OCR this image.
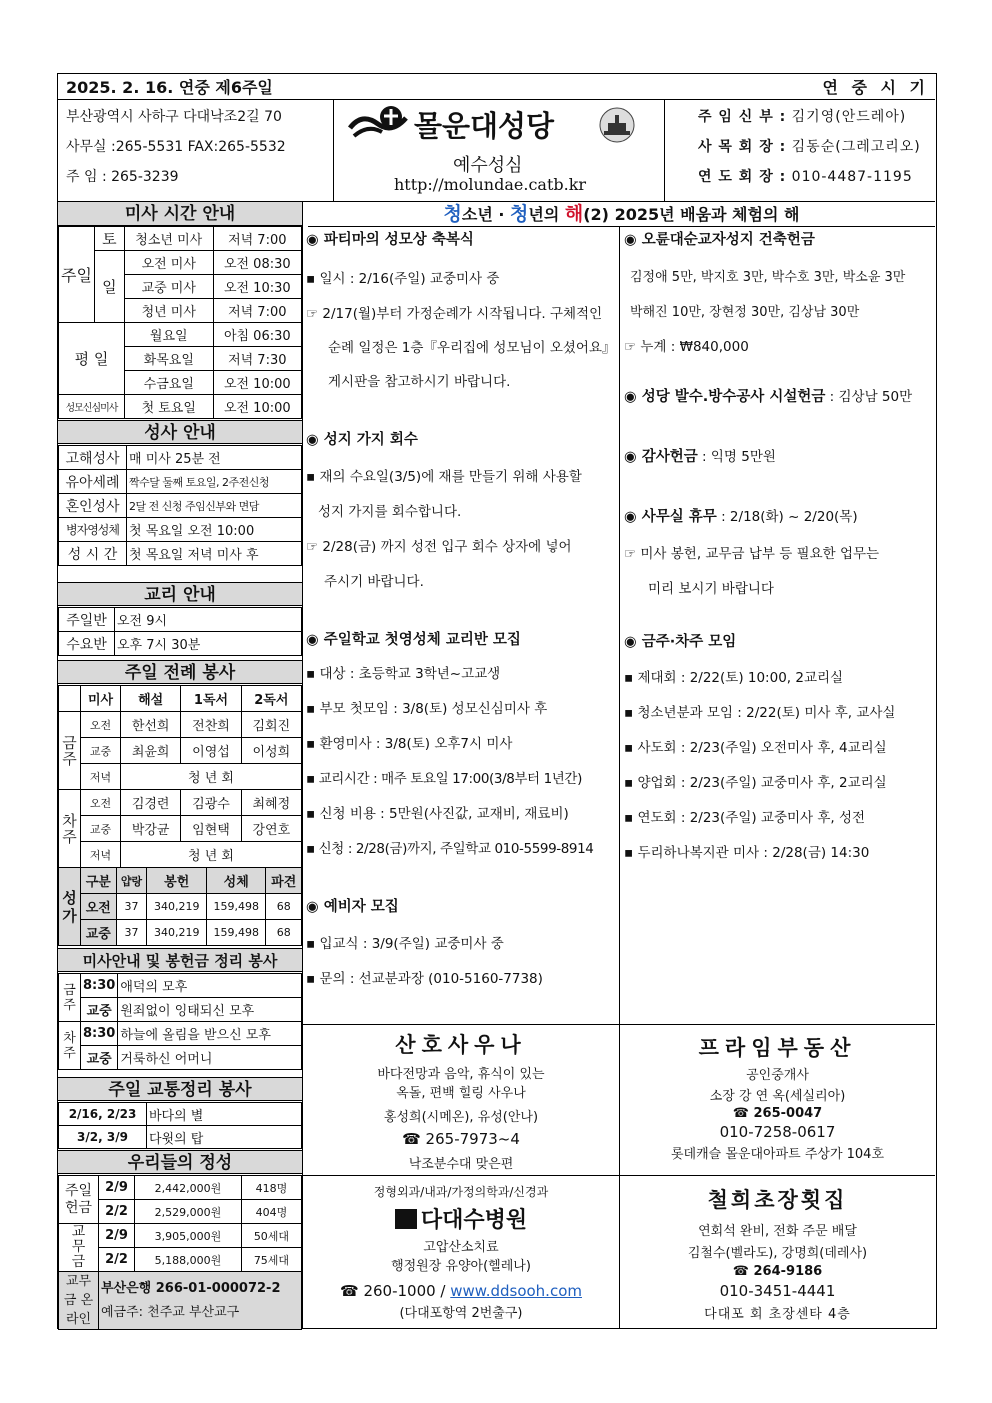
2025. 2. 16. 연중 제6주일	연 중 시 기
부산광역시 사하구 다대낙조2길 70
사무실 :265-5531 FAX:265-5532
주 임 : 265-3239
몰운대성당
예수성심
http://molundae.catb.kr
주 임 신 부 : 김기영(안드레아)
사 목 회 장 : 김동순(그레고리오)
연 도 회 장 : 010-4487-1195
청소년 · 청년의 해(2) 2025년 배움과 체험의 해
미사 시간 안내
주일	토	청소년 미사	저녁 7:00
	일	오전 미사	오전 08:30
		교중 미사	오전 10:30
		청년 미사	저녁 7:00
평 일		월요일	아침 06:30
		화목요일	저녁 7:30
		수금요일	오전 10:00
성모신심미사		첫 토요일	오전 10:00
성사 안내
고해성사	매 미사 25분 전
유아세례	짝수달 둘째 토요일, 2주전신청
혼인성사	2달 전 신청 주임신부와 면담
병자영성체	첫 목요일 오전 10:00
성 시 간	첫 목요일 저녁 미사 후
교리 안내
주일반	오전 9시
수요반	오후 7시 30분
주일 전례 봉사
	미사	해설	1독서	2독서
금주	오전	한선희	전찬희	김회진
	교중	최윤희	이영섭	이성희
	저녁	청 년 회		
차주	오전	김경련	김광수	최혜정
	교중	박강균	임현택	강연호
	저녁	청 년 회		
성가	구분	얍랑	봉헌	성체	파견
	오전	37	340,219	159,498	68
	교중	37	340,219	159,498	68
미사안내 및 봉헌금 정리 봉사
금주	8:30	애덕의 모후
	교중	원죄없이 잉태되신 모후
차주	8:30	하늘에 올림을 받으신 모후
	교중	거룩하신 어머니
주일 교통정리 봉사
2/16, 2/23	바다의 별
3/2, 3/9	다윗의 탑
우리들의 정성
주일헌금	2/9	2,442,000원	418명
	2/2	2,529,000원	404명
교무금	2/9	3,905,000원	50세대
	2/2	5,188,000원	75세대
교무금 온라인	부산은행 266-01-000072-2
예금주: 천주교 부산교구		
◉ 파티마의 성모상 축복식
▪ 일시 : 2/16(주일) 교중미사 중
☞ 2/17(월)부터 가정순례가 시작됩니다. 구체적인
순례 일정은 1층『우리집에 성모님이 오셨어요』
게시판을 참고하시기 바랍니다.
◉ 성지 가지 회수
▪ 재의 수요일(3/5)에 재를 만들기 위해 사용할
성지 가지를 회수합니다.
☞ 2/28(금) 까지 성전 입구 회수 상자에 넣어
주시기 바랍니다.
◉ 주일학교 첫영성체 교리반 모집
▪ 대상 : 초등학교 3학년~고교생
▪ 부모 첫모임 : 3/8(토) 성모신심미사 후
▪ 환영미사 : 3/8(토) 오후7시 미사
▪ 교리시간 : 매주 토요일 17:00(3/8부터 1년간)
▪ 신청 비용 : 5만원(사진값, 교재비, 재료비)
▪ 신청 : 2/28(금)까지, 주일학교 010-5599-8914
◉ 예비자 모집
▪ 입교식 : 3/9(주일) 교중미사 중
▪ 문의 : 선교분과장 (010-5160-7738)
◉ 오륜대순교자성지 건축헌금
김정애 5만, 박지호 3만, 박수호 3만, 박소윤 3만
박해진 10만, 장현정 30만, 김상남 30만
☞ 누계 : ₩840,000
◉ 성당 발수.방수공사 시설헌금 : 김상남 50만
◉ 감사헌금 : 익명 5만원
◉ 사무실 휴무 : 2/18(화) ~ 2/20(목)
☞ 미사 봉헌, 교무금 납부 등 필요한 업무는
미리 보시기 바랍니다
◉ 금주·차주 모임
▪ 제대회 : 2/22(토) 10:00, 2교리실
▪ 청소년분과 모임 : 2/22(토) 미사 후, 교사실
▪ 사도회 : 2/23(주일) 오전미사 후, 4교리실
▪ 양업회 : 2/23(주일) 교중미사 후, 2교리실
▪ 연도회 : 2/23(주일) 교중미사 후, 성전
▪ 두리하나복지관 미사 : 2/28(금) 14:30
산호사우나
바다전망과 음악, 휴식이 있는
옥돌, 편백 힐링 사우나
홍성희(시메온), 유성(안나)
☎ 265-7973~4
낙조분수대 맞은편
프라임부동산
공인중개사
소장 강 연 옥(세실리아)
☎ 265-0047
010-7258-0617
롯데캐슬 몰운대아파트 주상가 104호
정형외과/내과/가정의학과/신경과
다대수병원
고압산소치료
행정원장 유양아(헬레나)
☎ 260-1000 / www.ddsooh.com
(다대포항역 2번출구)
철희초장횟집
연회석 완비, 전화 주문 배달
김철수(벨라도), 강명희(데레사)
☎ 264-9186
010-3451-4441
다대포 회 초장센타 4층
